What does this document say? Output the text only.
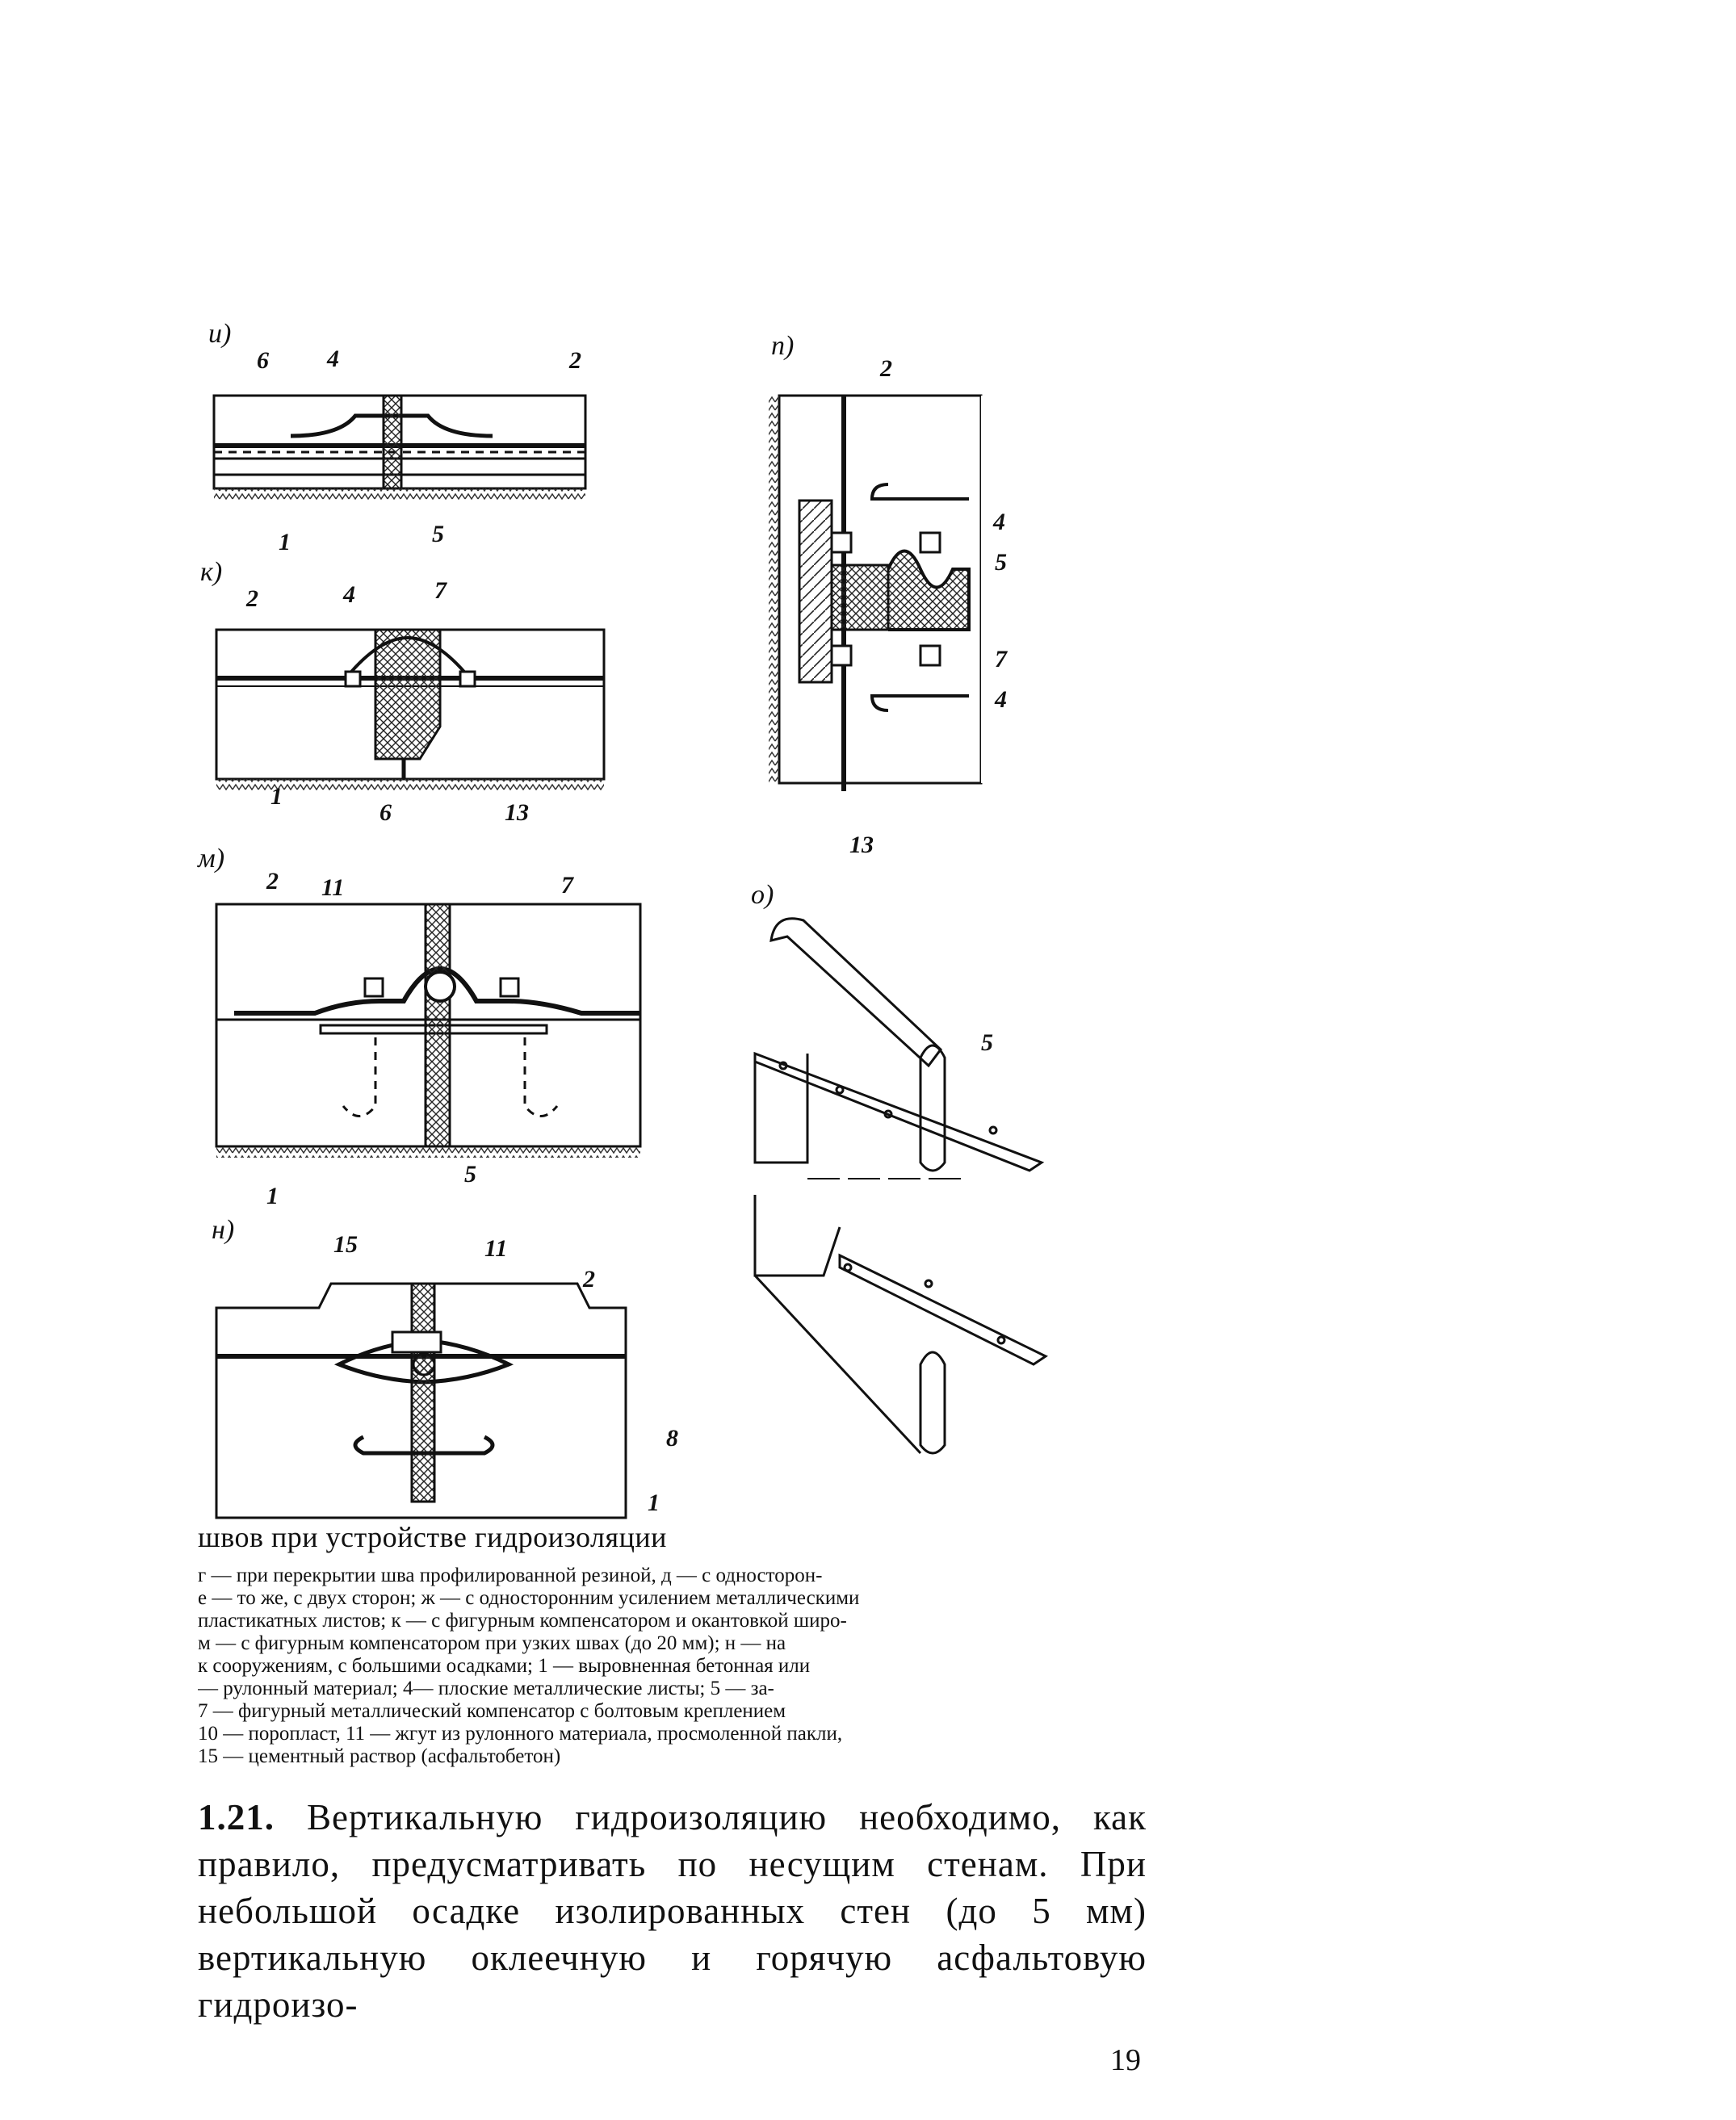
и)
к)
м)
н)
п)
о)
6 4	2
1	5
2	4	7
1
6	13
2 11	7
1
5
15	11
2
8
1
2
4
5
7
4
13
5
швов при устройстве гидроизоляции
г — при перекрытии шва профилированной резиной, д — с односторон-
е — то же, с двух сторон; ж — с односторонним усилением металлическими
пластикатных листов; к — с фигурным компенсатором и окантовкой широ-
м — с фигурным компенсатором при узких швах (до 20 мм); н — на
к сооружениям, с большими осадками; 1 — выровненная бетонная или
— рулонный материал; 4— плоские металлические листы; 5 — за-
7 — фигурный металлический компенсатор с болтовым креплением
10 — поропласт, 11 — жгут из рулонного материала, просмоленной пакли,
15 — цементный раствор (асфальтобетон)
1.21. Вертикальную гидроизоляцию необходимо, как правило, предусматривать по несущим стенам. При небольшой осадке изолированных стен (до 5 мм) вертикальную оклеечную и горячую асфальтовую гидроизо-
19
